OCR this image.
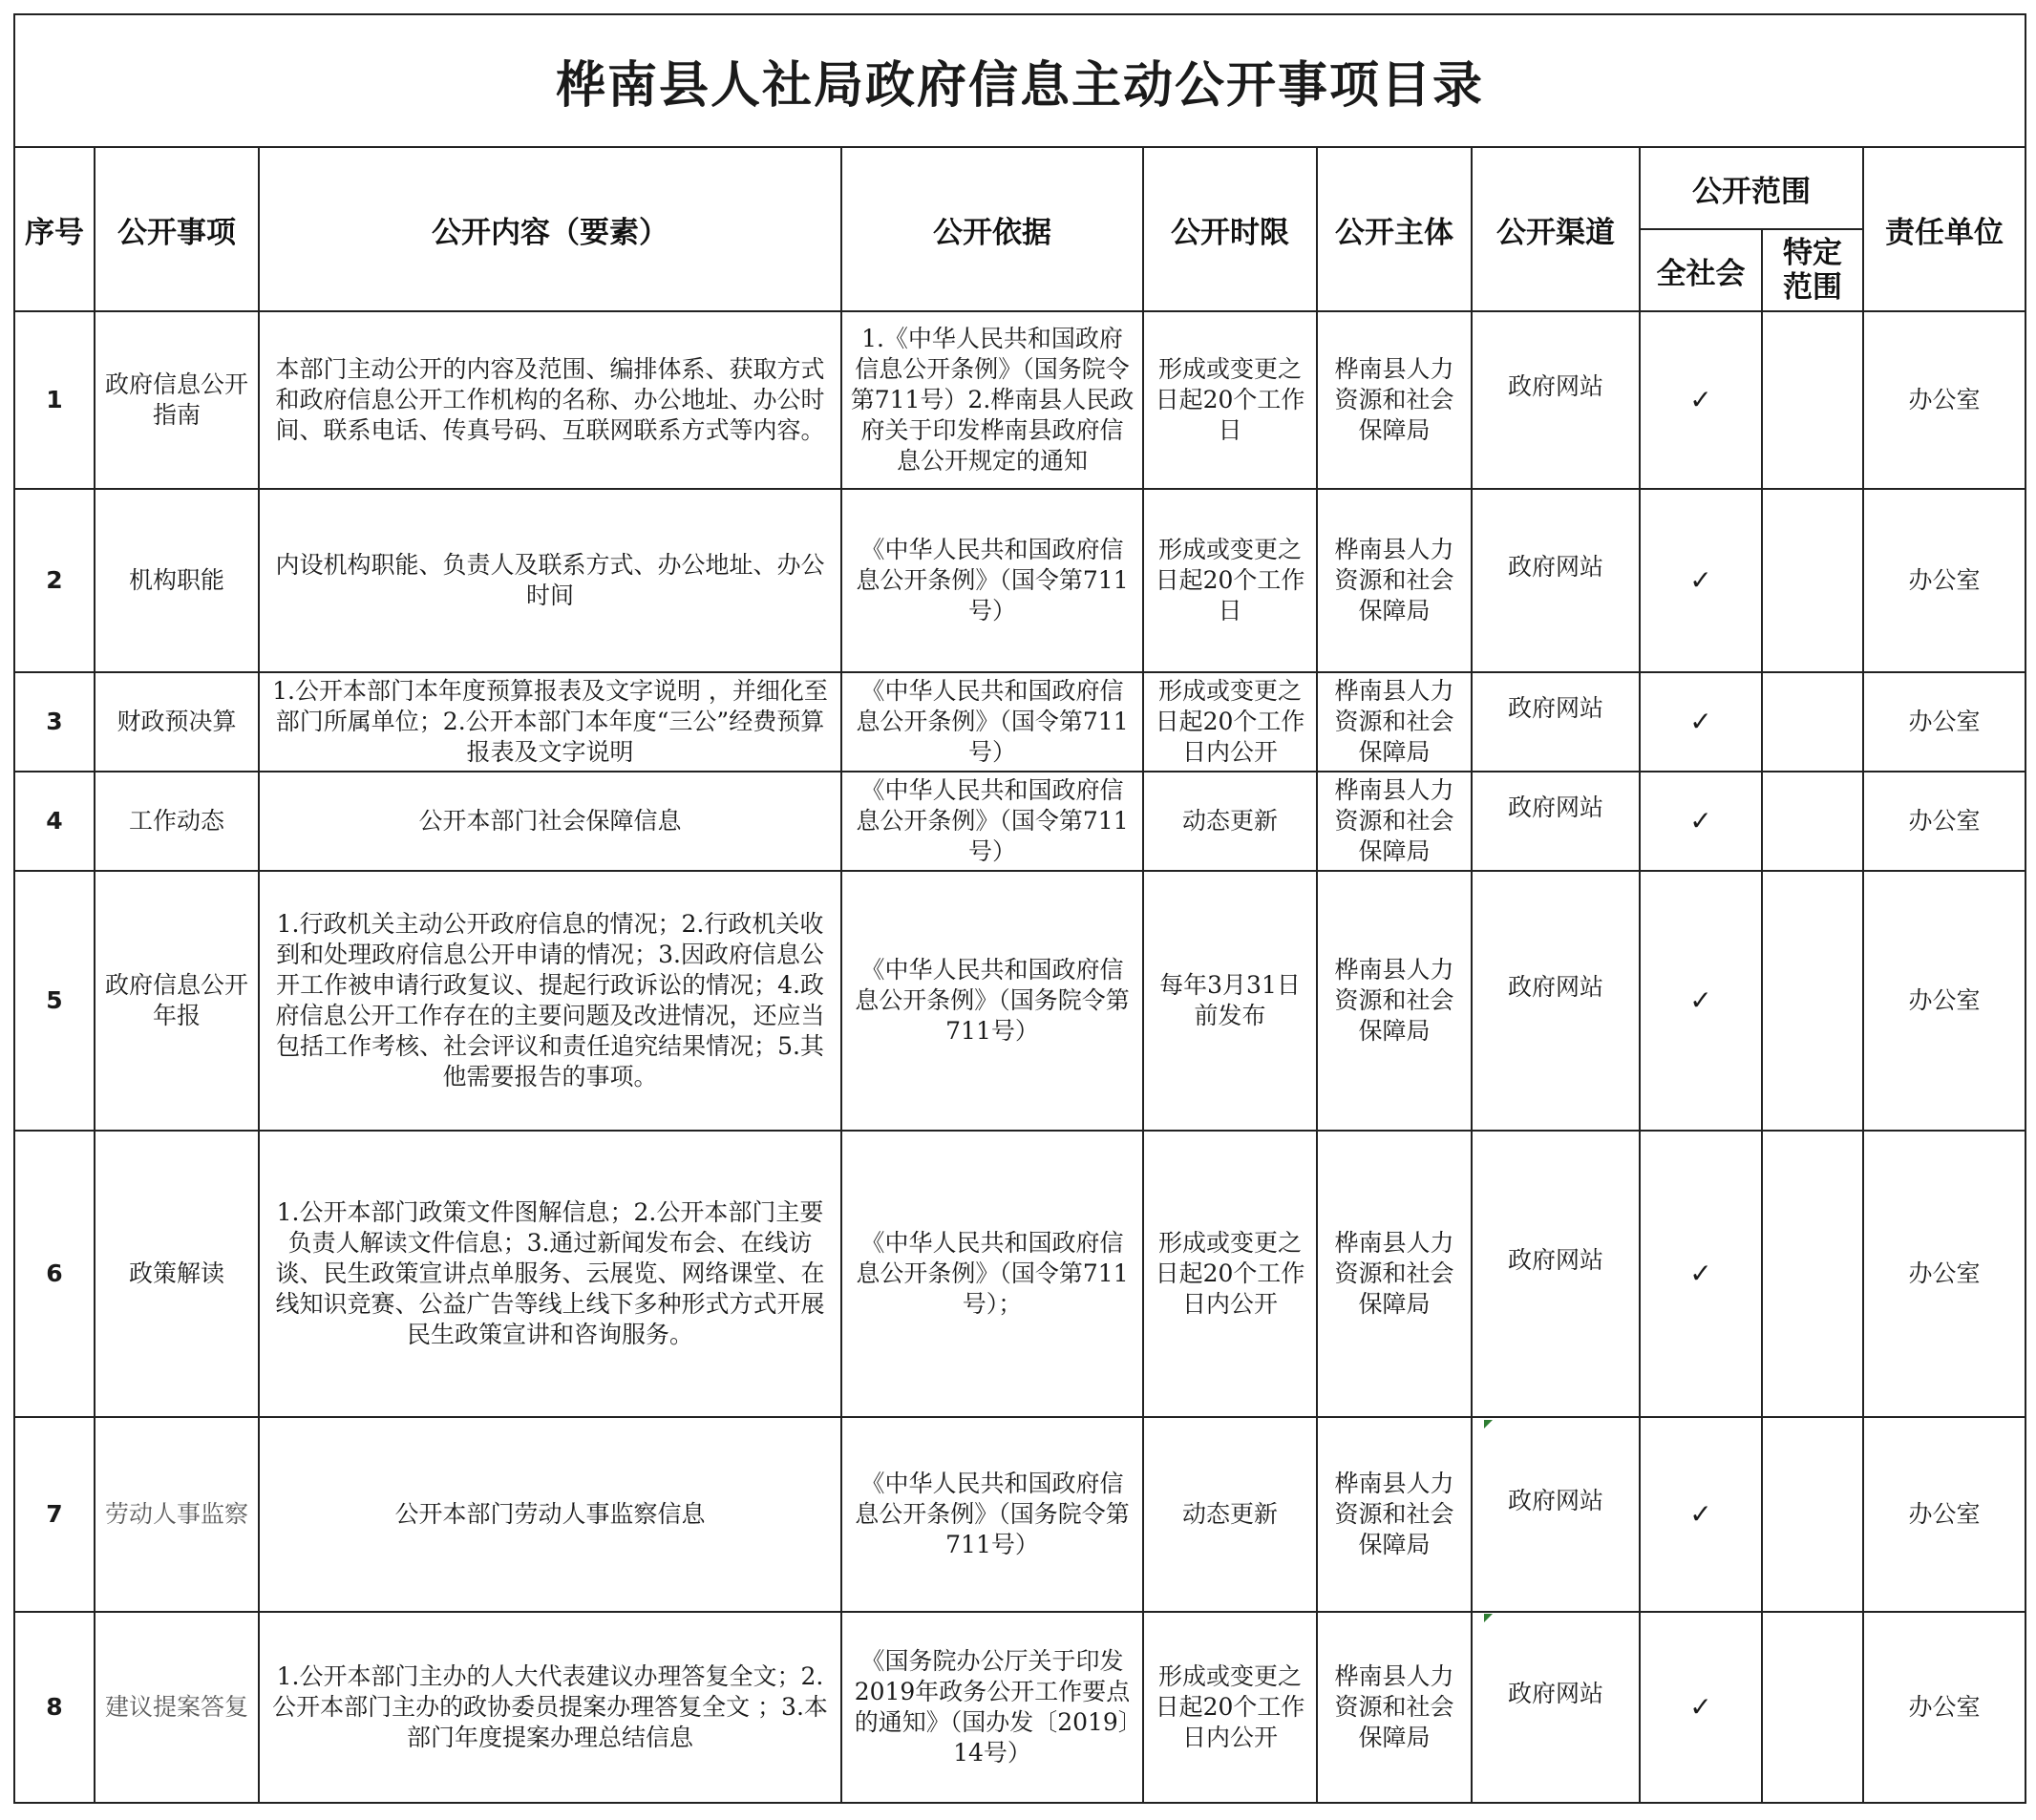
桦南县人社局政府信息主动公开事项目录
序号	公开事项	公开内容（要素）	公开依据	公开时限	公开主体	公开渠道	公开范围		责任单位
							全社会	特定范围	
1	政府信息公开指南	本部门主动公开的内容及范围、编排体系、获取方式和政府信息公开工作机构的名称、办公地址、办公时间、联系电话、传真号码、互联网联系方式等内容。	1.《中华人民共和国政府信息公开条例》（国务院令第711号）2.桦南县人民政府关于印发桦南县政府信息公开规定的通知	形成或变更之日起20个工作日	桦南县人力资源和社会保障局	政府网站	✓		办公室
2	机构职能	内设机构职能、负责人及联系方式、办公地址、办公时间	《中华人民共和国政府信息公开条例》（国令第711号）	形成或变更之日起20个工作日	桦南县人力资源和社会保障局	政府网站	✓		办公室
3	财政预决算	1.公开本部门本年度预算报表及文字说明 ，并细化至部门所属单位；2.公开本部门本年度“三公”经费预算报表及文字说明	《中华人民共和国政府信息公开条例》（国令第711号）	形成或变更之日起20个工作日内公开	桦南县人力资源和社会保障局	政府网站	✓		办公室
4	工作动态	公开本部门社会保障信息	《中华人民共和国政府信息公开条例》（国令第711号）	动态更新	桦南县人力资源和社会保障局	政府网站	✓		办公室
5	政府信息公开年报	1.行政机关主动公开政府信息的情况；2.行政机关收到和处理政府信息公开申请的情况；3.因政府信息公开工作被申请行政复议、提起行政诉讼的情况；4.政府信息公开工作存在的主要问题及改进情况，还应当包括工作考核、社会评议和责任追究结果情况；5.其他需要报告的事项。	《中华人民共和国政府信息公开条例》（国务院令第711号）	每年3月31日前发布	桦南县人力资源和社会保障局	政府网站	✓		办公室
6	政策解读	1.公开本部门政策文件图解信息；2.公开本部门主要负责人解读文件信息；3.通过新闻发布会、在线访谈、民生政策宣讲点单服务、云展览、网络课堂、在线知识竞赛、公益广告等线上线下多种形式方式开展民生政策宣讲和咨询服务。	《中华人民共和国政府信息公开条例》（国令第711号）；	形成或变更之日起20个工作日内公开	桦南县人力资源和社会保障局	政府网站	✓		办公室
7	劳动人事监察	公开本部门劳动人事监察信息	《中华人民共和国政府信息公开条例》（国务院令第711号）	动态更新	桦南县人力资源和社会保障局	政府网站	✓		办公室
8	建议提案答复	1.公开本部门主办的人大代表建议办理答复全文；2.公开本部门主办的政协委员提案办理答复全文 ；3.本部门年度提案办理总结信息	《国务院办公厅关于印发2019年政务公开工作要点的通知》（国办发〔2019〕14号）	形成或变更之日起20个工作日内公开	桦南县人力资源和社会保障局	政府网站	✓		办公室
